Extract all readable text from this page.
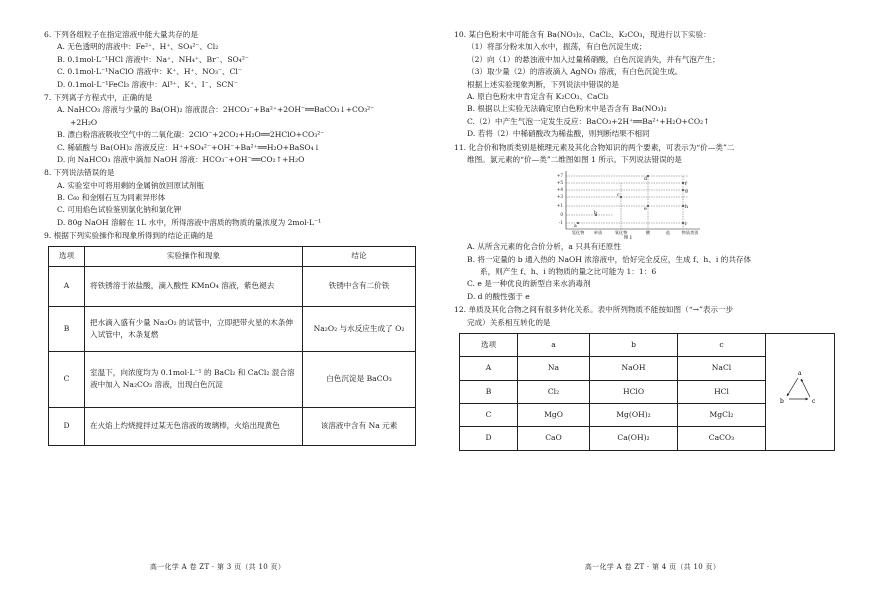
6. 下列各组粒子在指定溶液中能大量共存的是
A. 无色透明的溶液中：Fe²⁺、H⁺、SO₄²⁻、Cl₂
B. 0.1mol·L⁻¹HCl 溶液中：Na⁺、NH₄⁺、Br⁻、SO₄²⁻
C. 0.1mol·L⁻¹NaClO 溶液中：K⁺、H⁺、NO₃⁻、Cl⁻
D. 0.1mol·L⁻¹FeCl₃ 溶液中：Al³⁺、K⁺、I⁻、SCN⁻
7. 下列离子方程式中，正确的是
A. NaHCO₃ 溶液与少量的 Ba(OH)₂ 溶液混合：2HCO₃⁻+Ba²⁺+2OH⁻══BaCO₃↓+CO₃²⁻
+2H₂O
B. 漂白粉溶液吸收空气中的二氧化碳：2ClO⁻+2CO₂+H₂O══2HClO+CO₃²⁻
C. 稀硫酸与 Ba(OH)₂ 溶液反应：H⁺+SO₄²⁻+OH⁻+Ba²⁺══H₂O+BaSO₄↓
D. 向 NaHCO₃ 溶液中滴加 NaOH 溶液：HCO₃⁻+OH⁻══CO₂↑+H₂O
8. 下列说法错误的是
A. 实验室中可将用剩的金属钠放回原试剂瓶
B. C₆₀ 和金刚石互为同素异形体
C. 可用焰色试验鉴别氯化钠和氯化钾
D. 80g NaOH 溶解在 1L 水中，所得溶液中溶质的物质的量浓度为 2mol·L⁻¹
9. 根据下列实验操作和现象所得到的结论正确的是
选项	实验操作和现象	结论
A	将铁锈溶于浓盐酸，滴入酸性 KMnO₄ 溶液，紫色褪去	铁锈中含有二价铁
B	把水滴入盛有少量 Na₂O₂ 的试管中，立即把带火星的木条伸入试管中，木条复燃	Na₂O₂ 与水反应生成了 O₂
C	室温下，向浓度均为 0.1mol·L⁻¹ 的 BaCl₂ 和 CaCl₂ 混合溶液中加入 Na₂CO₃ 溶液，出现白色沉淀	白色沉淀是 BaCO₃
D	在火焰上灼烧搅拌过某无色溶液的玻璃棒，火焰出现黄色	该溶液中含有 Na 元素
高一化学 A 卷 ZT · 第 3 页（共 10 页）
10. 某白色粉末中可能含有 Ba(NO₃)₂、CaCl₂、K₂CO₃，现进行以下实验：
（1）将部分粉末加入水中，振荡，有白色沉淀生成；
（2）向（1）的悬浊液中加入过量稀硝酸，白色沉淀消失，并有气泡产生；
（3）取少量（2）的溶液滴入 AgNO₃ 溶液，有白色沉淀生成。
根据上述实验现象判断，下列说法中错误的是
A. 原白色粉末中肯定含有 K₂CO₃、CaCl₂
B. 根据以上实验无法确定原白色粉末中是否含有 Ba(NO₃)₂
C.（2）中产生气泡一定发生反应：BaCO₃+2H⁺══Ba²⁺+H₂O+CO₂↑
D. 若将（2）中稀硝酸改为稀盐酸，则判断结果不相同
11. 化合价和物质类别是梳理元素及其化合物知识的两个要素，可表示为“价—类”二
维图。氯元素的“价—类”二维图如图 1 所示。下列说法错误的是
+7
+5
+4
+3
+1
0
-1
a
b
c
d
e
f
g
h
i
氢化物 单质	氧化物	酸	盐	物质类别
图 1
A. 从所含元素的化合价分析，a 只具有还原性
B. 将一定量的 b 通入热的 NaOH 浓溶液中，恰好完全反应，生成 f、h、i 的共存体
系，则产生 f、h、i 的物质的量之比可能为 1：1：6
C. e 是一种优良的新型自来水消毒剂
D. d 的酸性强于 e
12. 单质及其化合物之间有很多转化关系。表中所列物质不能按如图（“→”表示一步
完成）关系相互转化的是
选项	a	b	c	a
b c

A	Na	NaOH	NaCl	
B	Cl₂	HClO	HCl	
C	MgO	Mg(OH)₂	MgCl₂	
D	CaO	Ca(OH)₂	CaCO₃	
高一化学 A 卷 ZT · 第 4 页（共 10 页）
